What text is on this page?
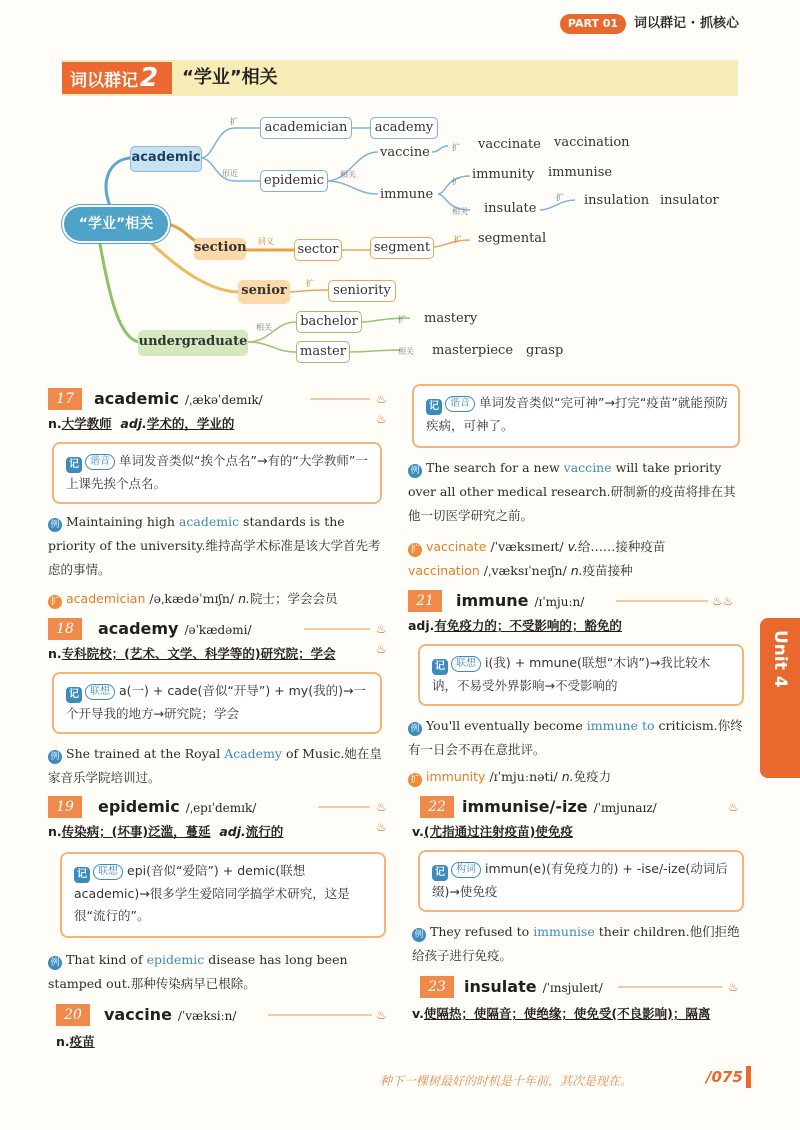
PART 01	词以群记 · 抓核心
词以群记2	“学业”相关
“学业”相关
academic
academician	academy
epidemic
vaccine
vaccinate vaccination
immune
immunity immunise
insulate
insulation insulator
section	sector	segment
segmental
senior	seniority
undergraduate
bachelor
master
mastery
masterpiece grasp
扩
形近	相关
扩
扩
相关
扩
同义	扩
扩
相关
扩
相关
17	academic /ˌækəˈdemɪk/	♨♨
n.大学教师 adj.学术的，学业的
记 谐音 单词发音类似“挨个点名”→有的“大学教师”一上课先挨个点名。
例 Maintaining high academic standards is the priority of the university.维持高学术标准是该大学首先考虑的事情。
扩 academician /əˌkædəˈmɪʃn/ n.院士；学会会员
18	academy /əˈkædəmi/	♨♨
n.专科院校；(艺术、文学、科学等的)研究院；学会
记 联想 a(一) + cade(音似“开导”) + my(我的)→一个开导我的地方→研究院；学会
例 She trained at the Royal Academy of Music.她在皇家音乐学院培训过。
19	epidemic /ˌepɪˈdemɪk/	♨♨
n.传染病；(坏事)泛滥，蔓延 adj.流行的
记 联想 epi(音似“爱陪”) + demic(联想academic)→很多学生爱陪同学搞学术研究，这是很“流行的”。
例 That kind of epidemic disease has long been stamped out.那种传染病早已根除。
20	vaccine /ˈvæksiːn/	♨
n.疫苗
记 谐音 单词发音类似“完可神”→打完“疫苗”就能预防疾病，可神了。
例 The search for a new vaccine will take priority over all other medical research.研制新的疫苗将排在其他一切医学研究之前。
扩 vaccinate /ˈvæksɪneɪt/ v.给……接种疫苗
vaccination /ˌvæksɪˈneɪʃn/ n.疫苗接种
21	immune /ɪˈmjuːn/	♨♨
adj.有免疫力的；不受影响的；豁免的
记 联想 i(我) + mmune(联想“木讷”)→我比较木讷，不易受外界影响→不受影响的
例 You'll eventually become immune to criticism.你终有一日会不再在意批评。
扩 immunity /ɪˈmjuːnəti/ n.免疫力
22	immunise/-ize /ˈɪmjunaɪz/	♨
v.(尤指通过注射疫苗)使免疫
记 构词 immun(e)(有免疫力的) + -ise/-ize(动词后缀)→使免疫
例 They refused to immunise their children.他们拒绝给孩子进行免疫。
23	insulate /ˈɪnsjuleɪt/	♨
v.使隔热；使隔音；使绝缘；使免受(不良影响)；隔离
Unit 4
Lesson 1
种下一棵树最好的时机是十年前，其次是现在。	/075
